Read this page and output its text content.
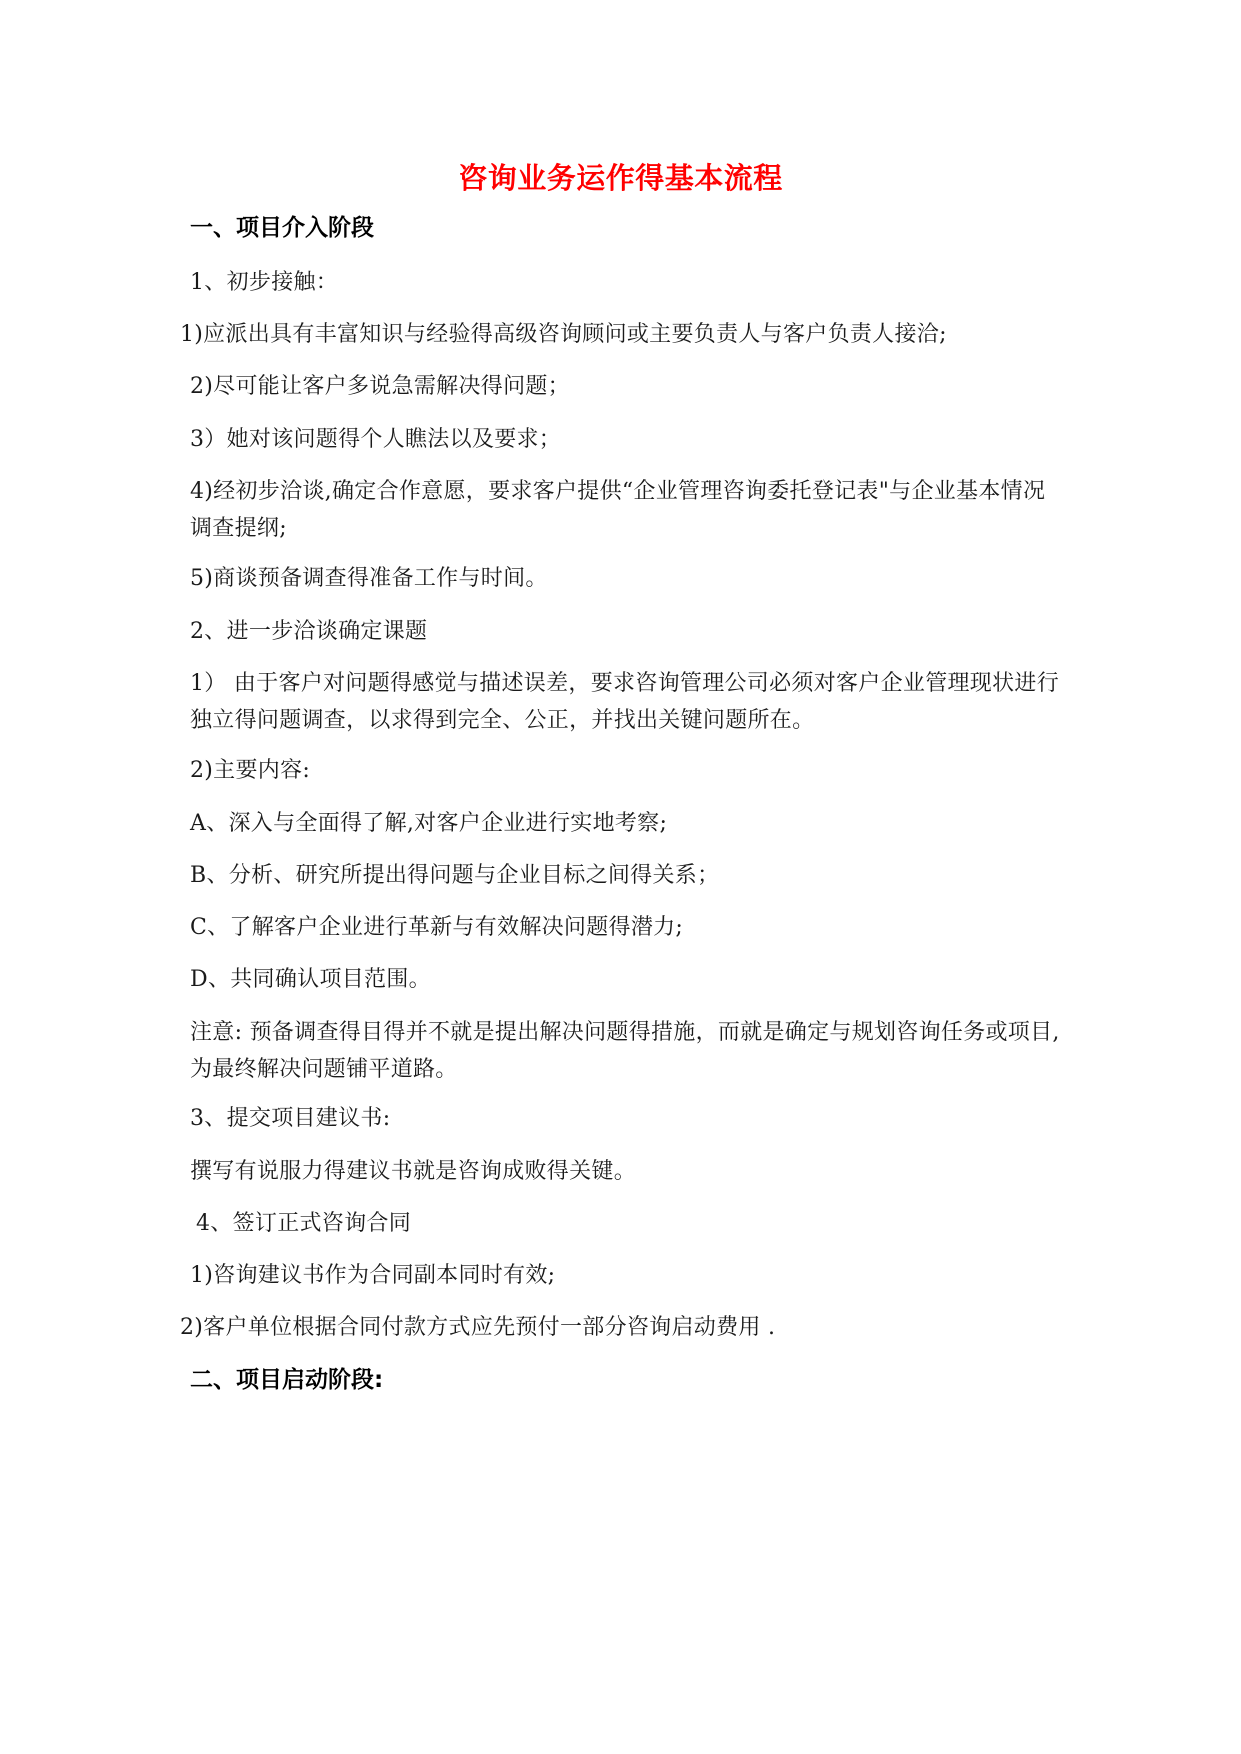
咨询业务运作得基本流程
一、项目介入阶段
1、初步接触：
1)应派出具有丰富知识与经验得高级咨询顾问或主要负责人与客户负责人接洽;
2)尽可能让客户多说急需解决得问题；
3）她对该问题得个人瞧法以及要求；
4)经初步洽谈,确定合作意愿，要求客户提供“企业管理咨询委托登记表"与企业基本情况调查提纲;
5)商谈预备调查得准备工作与时间。
2、进一步洽谈确定课题
1） 由于客户对问题得感觉与描述误差，要求咨询管理公司必须对客户企业管理现状进行独立得问题调查，以求得到完全、公正，并找出关键问题所在。
2)主要内容:
A、深入与全面得了解,对客户企业进行实地考察;
B、分析、研究所提出得问题与企业目标之间得关系；
C、了解客户企业进行革新与有效解决问题得潜力;
D、共同确认项目范围。
注意: 预备调查得目得并不就是提出解决问题得措施，而就是确定与规划咨询任务或项目,为最终解决问题铺平道路。
3、提交项目建议书:
撰写有说服力得建议书就是咨询成败得关键。
4、签订正式咨询合同
1)咨询建议书作为合同副本同时有效;
2)客户单位根据合同付款方式应先预付一部分咨询启动费用 .
二、项目启动阶段:
